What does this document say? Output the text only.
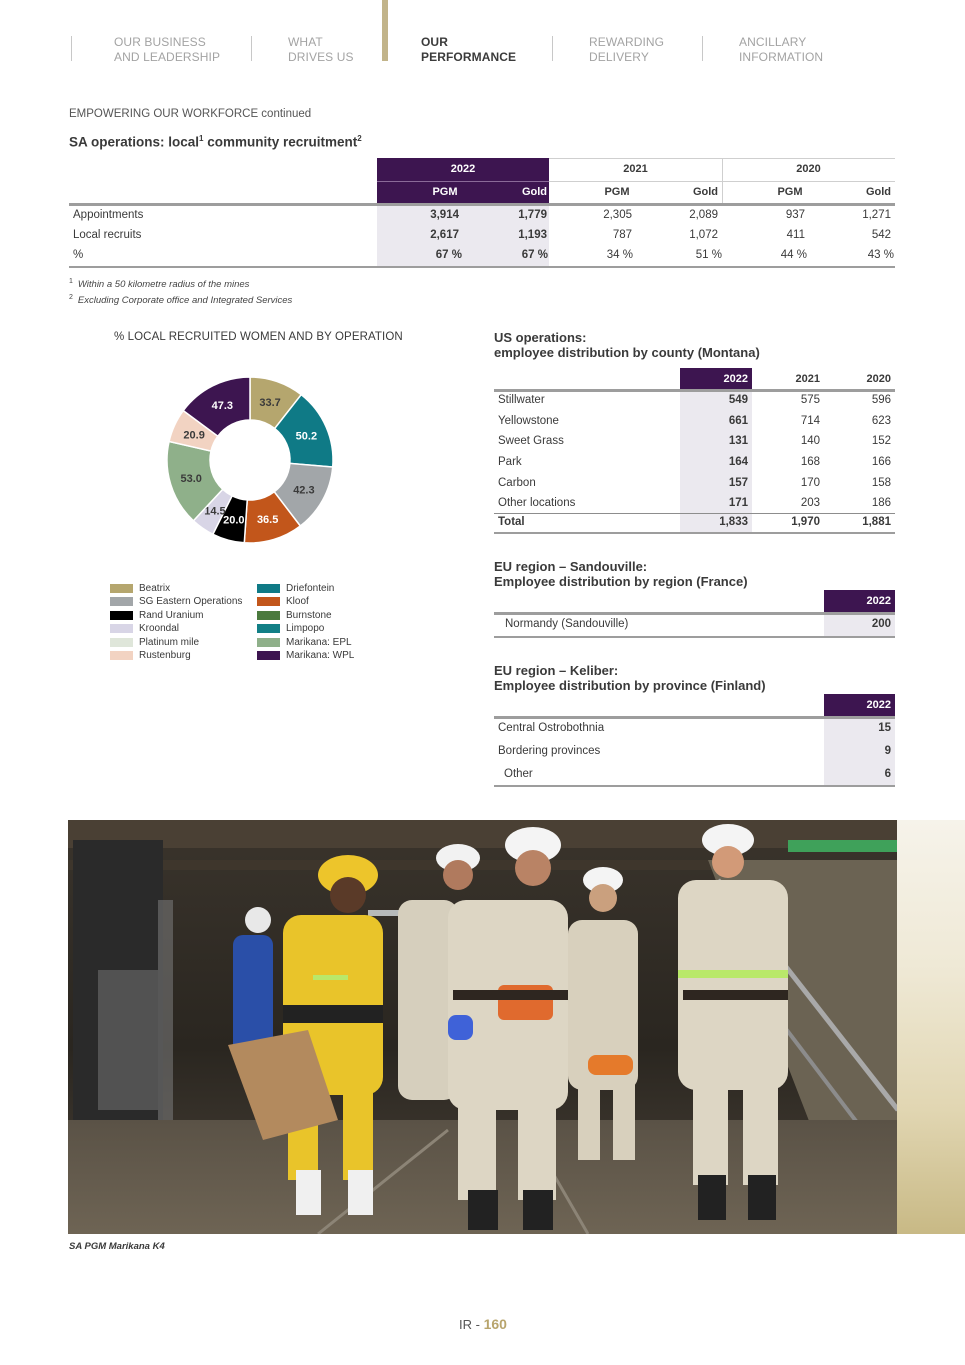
OUR BUSINESS
AND LEADERSHIP
WHAT
DRIVES US
OUR
PERFORMANCE
REWARDING
DELIVERY
ANCILLARY
INFORMATION
EMPOWERING OUR WORKFORCE continued
SA operations: local$^1$ community recruitment$^2$
2022	2021	2020
PGM	Gold	PGM	Gold	PGM	Gold
Appointments	3,914	1,779	2,305	2,089	937	1,271
Local recruits	2,617	1,193	787	1,072	411	542
%	67 %	67 %	34 %	51 %	44 %	43 %
$^1$ Within a 50 kilometre radius of the mines
$^2$ Excluding Corporate office and Integrated Services
% LOCAL RECRUITED WOMEN AND BY OPERATION
33.7
50.2
42.3
36.5
20.0
14.5
53.0
20.9
47.3
Beatrix
SG Eastern Operations
Rand Uranium
Kroondal
Platinum mile
Rustenburg
Driefontein
Kloof
Burnstone
Limpopo
Marikana: EPL
Marikana: WPL
US operations:
employee distribution by county (Montana)
2022	2021	2020
Stillwater	549	575	596
Yellowstone	661	714	623
Sweet Grass	131	140	152
Park	164	168	166
Carbon	157	170	158
Other locations	171	203	186
Total	1,833	1,970	1,881
EU region – Sandouville:
Employee distribution by region (France)
2022
Normandy (Sandouville)	200
EU region – Keliber:
Employee distribution by province (Finland)
2022
Central Ostrobothnia	15
Bordering provinces	9
Other	6
SA PGM Marikana K4
IR - 160
